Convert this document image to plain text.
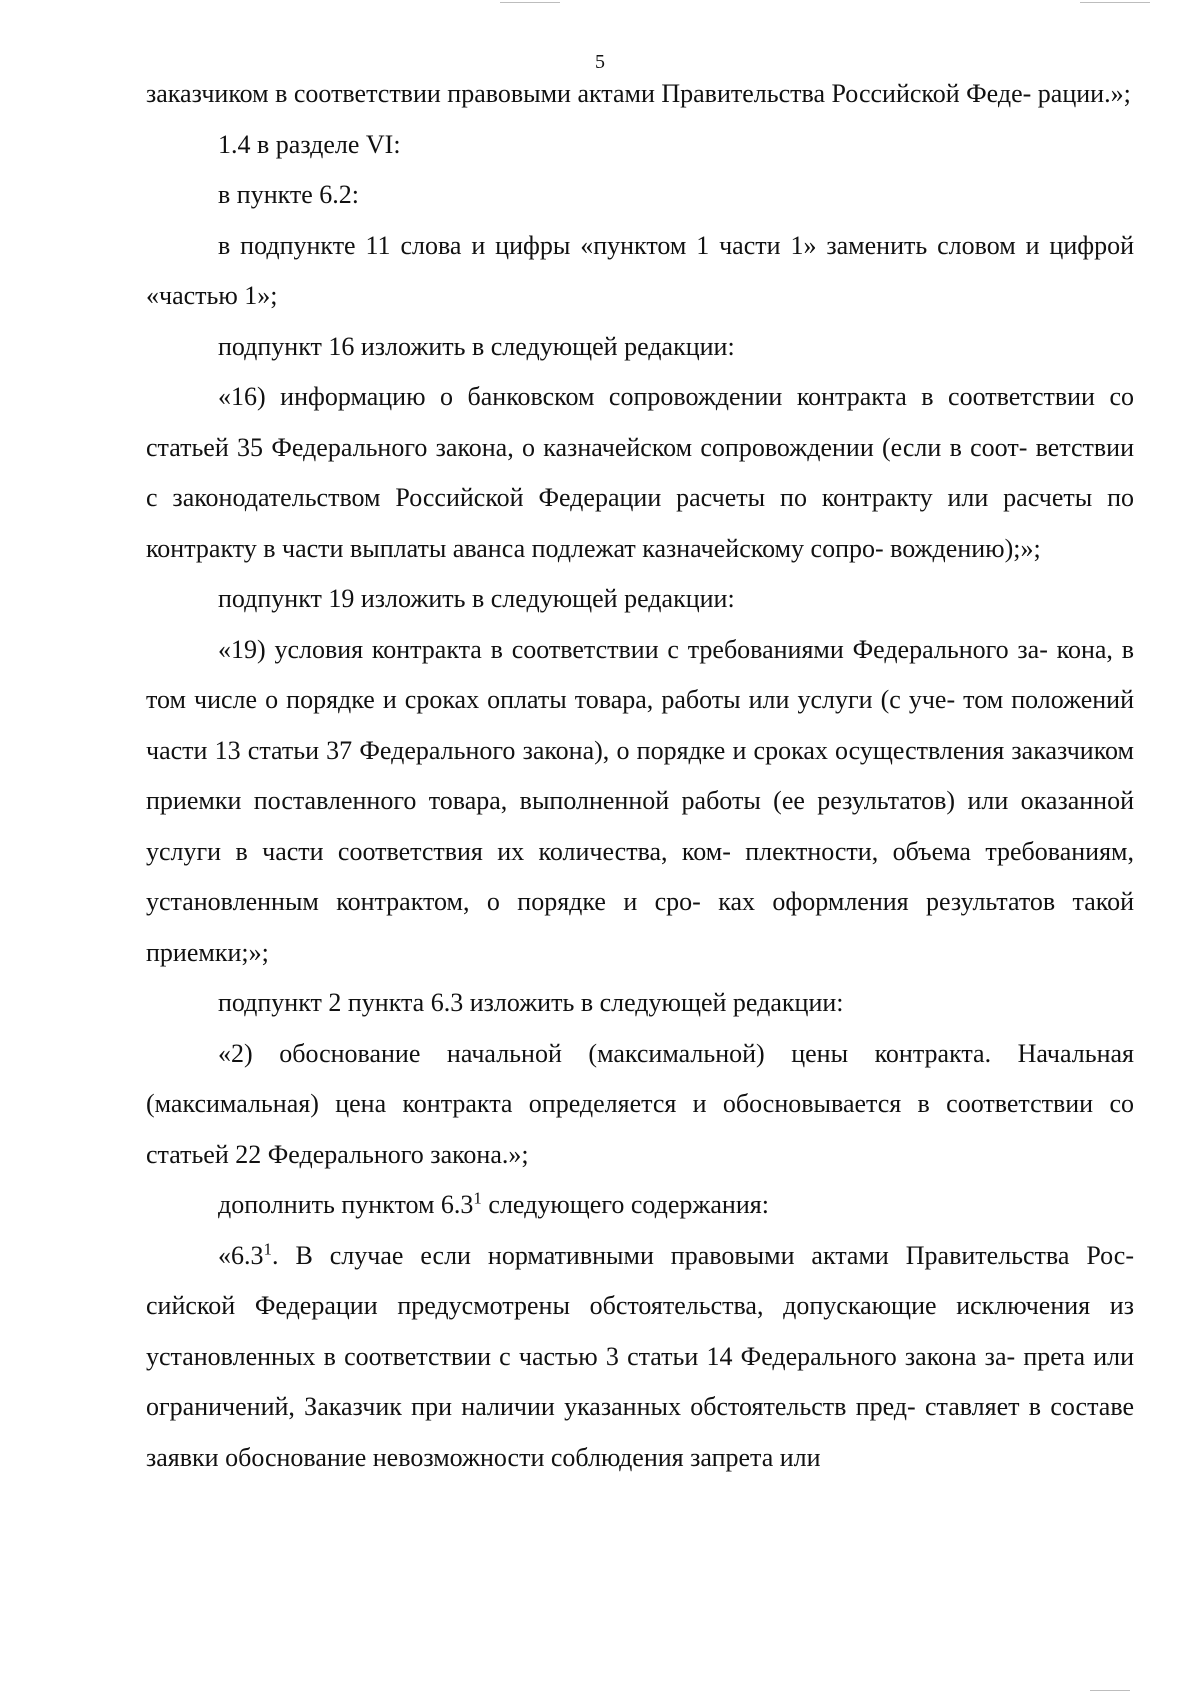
5

заказчиком в соответствии правовыми актами Правительства Российской Феде- рации.»;

1.4 в разделе VI:

в пункте 6.2:

в подпункте 11 слова и цифры «пунктом 1 части 1» заменить словом и цифрой «частью 1»;

подпункт 16 изложить в следующей редакции:

«16) информацию о банковском сопровождении контракта в соответствии со статьей 35 Федерального закона, о казначейском сопровождении (если в соот- ветствии с законодательством Российской Федерации расчеты по контракту или расчеты по контракту в части выплаты аванса подлежат казначейскому сопро- вождению);»;

подпункт 19 изложить в следующей редакции:

«19) условия контракта в соответствии с требованиями Федерального за- кона, в том числе о порядке и сроках оплаты товара, работы или услуги (с уче- том положений части 13 статьи 37 Федерального закона), о порядке и сроках осуществления заказчиком приемки поставленного товара, выполненной работы (ее результатов) или оказанной услуги в части соответствия их количества, ком- плектности, объема требованиям, установленным контрактом, о порядке и сро- ках оформления результатов такой приемки;»;

подпункт 2 пункта 6.3 изложить в следующей редакции:

«2) обоснование начальной (максимальной) цены контракта. Начальная (максимальная) цена контракта определяется и обосновывается в соответствии со статьей 22 Федерального закона.»;

дополнить пунктом $6.3^1$ следующего содержания:

«$6.3^1$. В случае если нормативными правовыми актами Правительства Рос- сийской Федерации предусмотрены обстоятельства, допускающие исключения из установленных в соответствии с частью 3 статьи 14 Федерального закона за- прета или ограничений, Заказчик при наличии указанных обстоятельств пред- ставляет в составе заявки обоснование невозможности соблюдения запрета или
